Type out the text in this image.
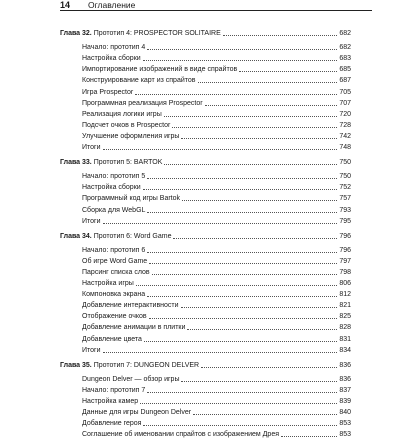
14 Оглавление
Глава 32. Прототип 4: PROSPECTOR SOLITAIRE	682
Начало: прототип 4	682
Настройка сборки	683
Импортирование изображений в виде спрайтов	685
Конструирование карт из спрайтов	687
Игра Prospector	705
Программная реализация Prospector	707
Реализация логики игры	720
Подсчет очков в Prospector	728
Улучшение оформления игры	742
Итоги	748
Глава 33. Прототип 5: BARTOK	750
Начало: прототип 5	750
Настройка сборки	752
Программный код игры Bartok	757
Сборка для WebGL	793
Итоги	795
Глава 34. Прототип 6: Word Game	796
Начало: прототип 6	796
Об игре Word Game	797
Парсинг списка слов	798
Настройка игры	806
Компоновка экрана	812
Добавление интерактивности	821
Отображение очков	825
Добавление анимации в плитки	828
Добавление цвета	831
Итоги	834
Глава 35. Прототип 7: DUNGEON DELVER	836
Dungeon Delver — обзор игры	836
Начало: прототип 7	837
Настройка камер	839
Данные для игры Dungeon Delver	840
Добавление героя	853
Соглашение об именовании спрайтов с изображением Дрея	853
